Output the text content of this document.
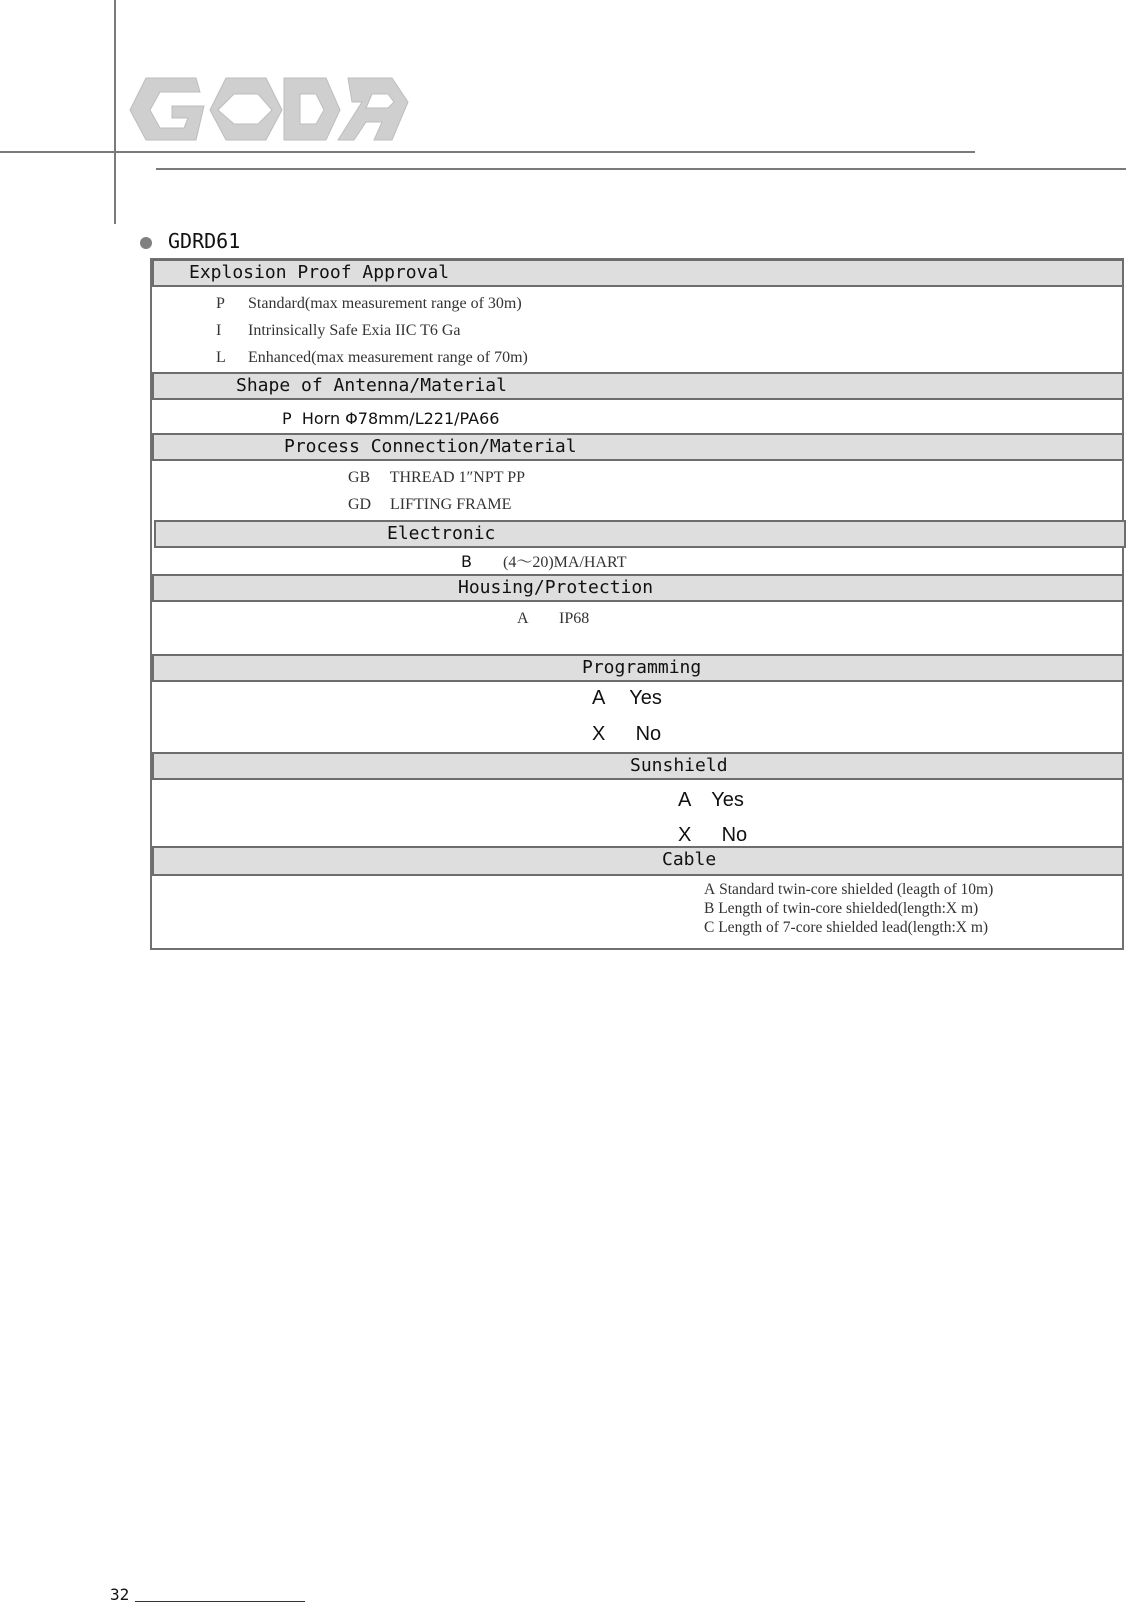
GDRD61
Explosion Proof Approval
P Standard(max measurement range of 30m)
I Intrinsically Safe Exia IIC T6 Ga
L Enhanced(max measurement range of 70m)
Shape of Antenna/Material
P Horn Φ78mm/L221/PA66
Process Connection/Material
GB THREAD 1″NPT PP
GD LIFTING FRAME
Electronic
B (4～20)MA/HART
Housing/Protection
A IP68
Programming
A Yes
X No
Sunshield
A Yes
X No
Cable
A Standard twin-core shielded (leagth of 10m)
B Length of twin-core shielded(length:X m)
C Length of 7-core shielded lead(length:X m)
32
